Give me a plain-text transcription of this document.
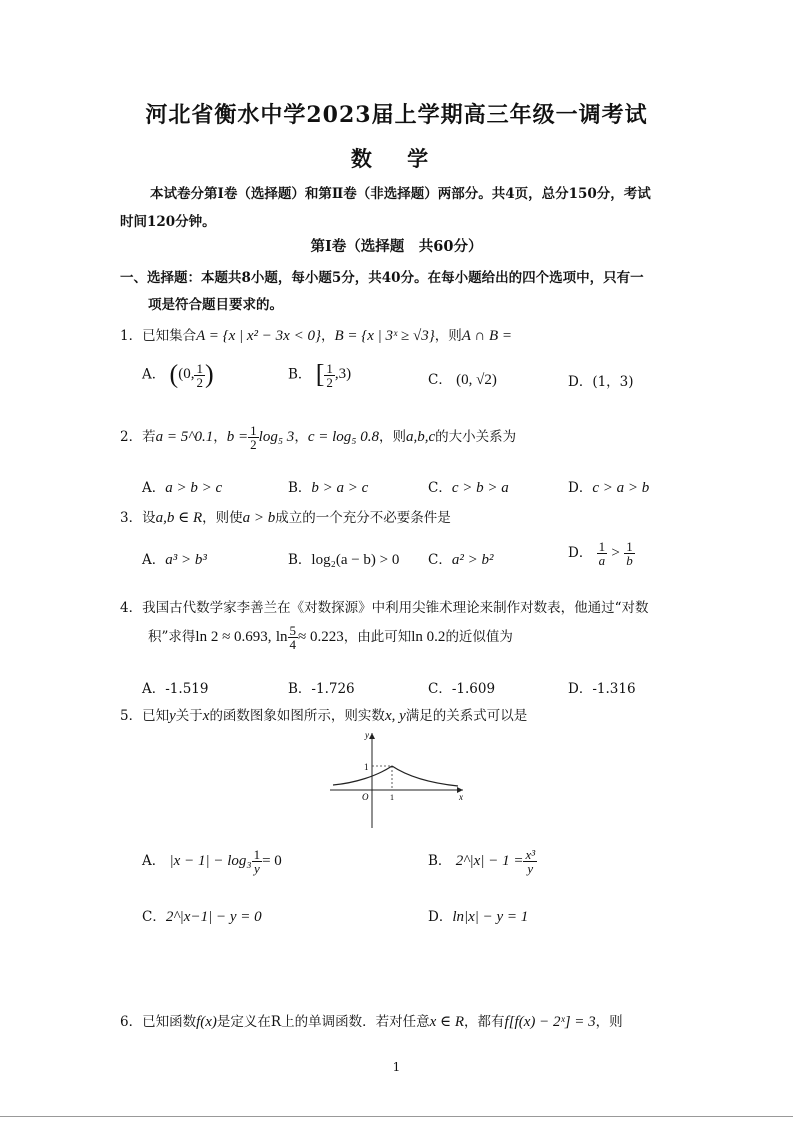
河北省衡水中学2023届上学期高三年级一调考试
数 学
本试卷分第Ⅰ卷（选择题）和第Ⅱ卷（非选择题）两部分。共4页，总分150分，考试
时间120分钟。
第Ⅰ卷（选择题　共60分）
一、选择题：本题共8小题，每小题5分，共40分。在每小题给出的四个选项中，只有一
项是符合题目要求的。
1．已知集合A = {x | x² − 3x < 0}，B = {x | 3ˣ ≥ √3}，则A ∩ B =
A． ((0, $\frac{1}{2}$ )	B． [ $\frac{1}{2} ,3$)	C． (0, √2)	D．(1，3)
2．若a = 5^0.1，$b = \frac{1}{2} \log_5$ 3，c = log₅ 0.8，则a,b,c的大小关系为
A．a > b > c	B．b > a > c	C．c > b > a	D．c > a > b
3．设a,b ∈ R，则使a > b成立的一个充分不必要条件是
A．a³ > b³	B．log₂(a − b) > 0 C．a² > b²	D． $\frac{1}{a} > \frac{1}{b}$
4．我国古代数学家李善兰在《对数探源》中利用尖锥术理论来制作对数表，他通过“对数
积”求得ln 2 ≈ 0.693, $\ln \frac{5}{4} \approx 0.223$，由此可知ln 0.2的近似值为
A．-1.519	B．-1.726	C．-1.609	D．-1.316
5．已知y关于x的函数图象如图所示，则实数x, y满足的关系式可以是
y
x
O
1
1
A． $|x - 1| - \log_3 \frac{1}{y} = 0$	B． 2^|x| − $1 = \frac{\text{x³}}{y}$
C．2^|x−1| − y = 0	D．ln|x| − y = 1
6．已知函数f(x)是定义在R上的单调函数．若对任意x ∈ R，都有f[f(x) − 2ˣ] = 3，则
1
